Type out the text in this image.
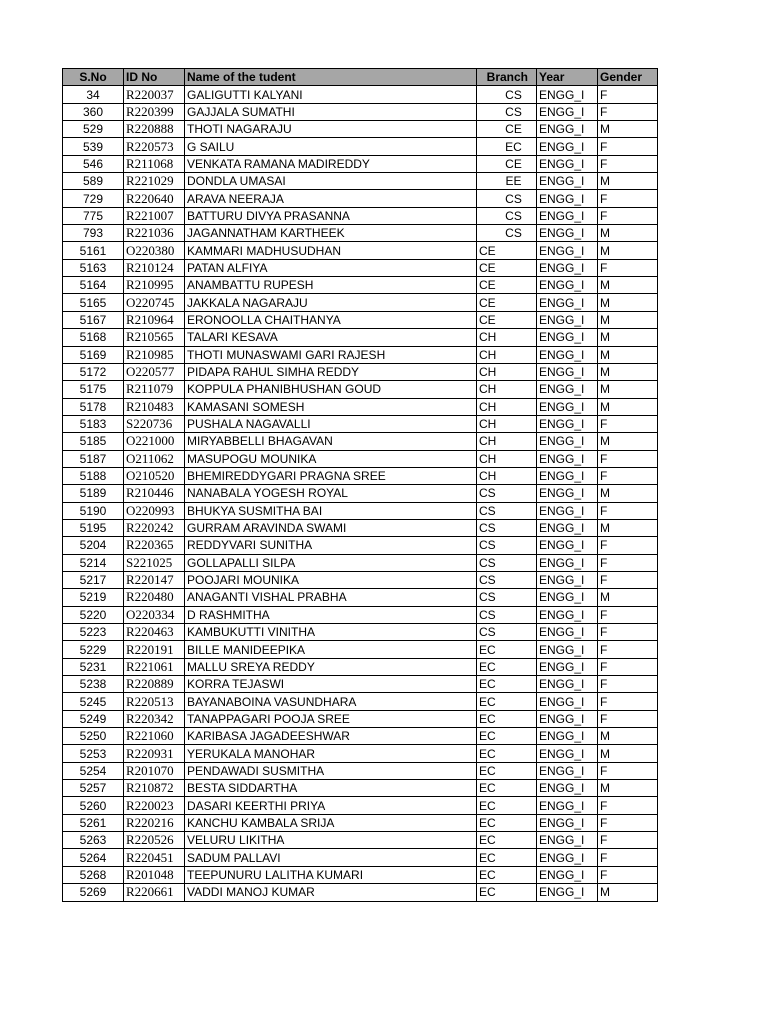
S.No	ID No	Name of the tudent	Branch	Year	Gender
34	R220037	GALIGUTTI KALYANI	CS	ENGG_I	F
360	R220399	GAJJALA SUMATHI	CS	ENGG_I	F
529	R220888	THOTI NAGARAJU	CE	ENGG_I	M
539	R220573	G SAILU	EC	ENGG_I	F
546	R211068	VENKATA RAMANA MADIREDDY	CE	ENGG_I	F
589	R221029	DONDLA UMASAI	EE	ENGG_I	M
729	R220640	ARAVA NEERAJA	CS	ENGG_I	F
775	R221007	BATTURU DIVYA PRASANNA	CS	ENGG_I	F
793	R221036	JAGANNATHAM KARTHEEK	CS	ENGG_I	M
5161	O220380	KAMMARI MADHUSUDHAN	CE	ENGG_I	M
5163	R210124	PATAN ALFIYA	CE	ENGG_I	F
5164	R210995	ANAMBATTU RUPESH	CE	ENGG_I	M
5165	O220745	JAKKALA NAGARAJU	CE	ENGG_I	M
5167	R210964	ERONOOLLA CHAITHANYA	CE	ENGG_I	M
5168	R210565	TALARI KESAVA	CH	ENGG_I	M
5169	R210985	THOTI MUNASWAMI GARI RAJESH	CH	ENGG_I	M
5172	O220577	PIDAPA RAHUL SIMHA REDDY	CH	ENGG_I	M
5175	R211079	KOPPULA PHANIBHUSHAN GOUD	CH	ENGG_I	M
5178	R210483	KAMASANI SOMESH	CH	ENGG_I	M
5183	S220736	PUSHALA NAGAVALLI	CH	ENGG_I	F
5185	O221000	MIRYABBELLI BHAGAVAN	CH	ENGG_I	M
5187	O211062	MASUPOGU MOUNIKA	CH	ENGG_I	F
5188	O210520	BHEMIREDDYGARI PRAGNA SREE	CH	ENGG_I	F
5189	R210446	NANABALA YOGESH ROYAL	CS	ENGG_I	M
5190	O220993	BHUKYA SUSMITHA BAI	CS	ENGG_I	F
5195	R220242	GURRAM ARAVINDA SWAMI	CS	ENGG_I	M
5204	R220365	REDDYVARI SUNITHA	CS	ENGG_I	F
5214	S221025	GOLLAPALLI SILPA	CS	ENGG_I	F
5217	R220147	POOJARI MOUNIKA	CS	ENGG_I	F
5219	R220480	ANAGANTI VISHAL PRABHA	CS	ENGG_I	M
5220	O220334	D RASHMITHA	CS	ENGG_I	F
5223	R220463	KAMBUKUTTI VINITHA	CS	ENGG_I	F
5229	R220191	BILLE MANIDEEPIKA	EC	ENGG_I	F
5231	R221061	MALLU SREYA REDDY	EC	ENGG_I	F
5238	R220889	KORRA TEJASWI	EC	ENGG_I	F
5245	R220513	BAYANABOINA VASUNDHARA	EC	ENGG_I	F
5249	R220342	TANAPPAGARI POOJA SREE	EC	ENGG_I	F
5250	R221060	KARIBASA JAGADEESHWAR	EC	ENGG_I	M
5253	R220931	YERUKALA MANOHAR	EC	ENGG_I	M
5254	R201070	PENDAWADI SUSMITHA	EC	ENGG_I	F
5257	R210872	BESTA SIDDARTHA	EC	ENGG_I	M
5260	R220023	DASARI KEERTHI PRIYA	EC	ENGG_I	F
5261	R220216	KANCHU KAMBALA SRIJA	EC	ENGG_I	F
5263	R220526	VELURU LIKITHA	EC	ENGG_I	F
5264	R220451	SADUM PALLAVI	EC	ENGG_I	F
5268	R201048	TEEPUNURU LALITHA KUMARI	EC	ENGG_I	F
5269	R220661	VADDI MANOJ KUMAR	EC	ENGG_I	M
